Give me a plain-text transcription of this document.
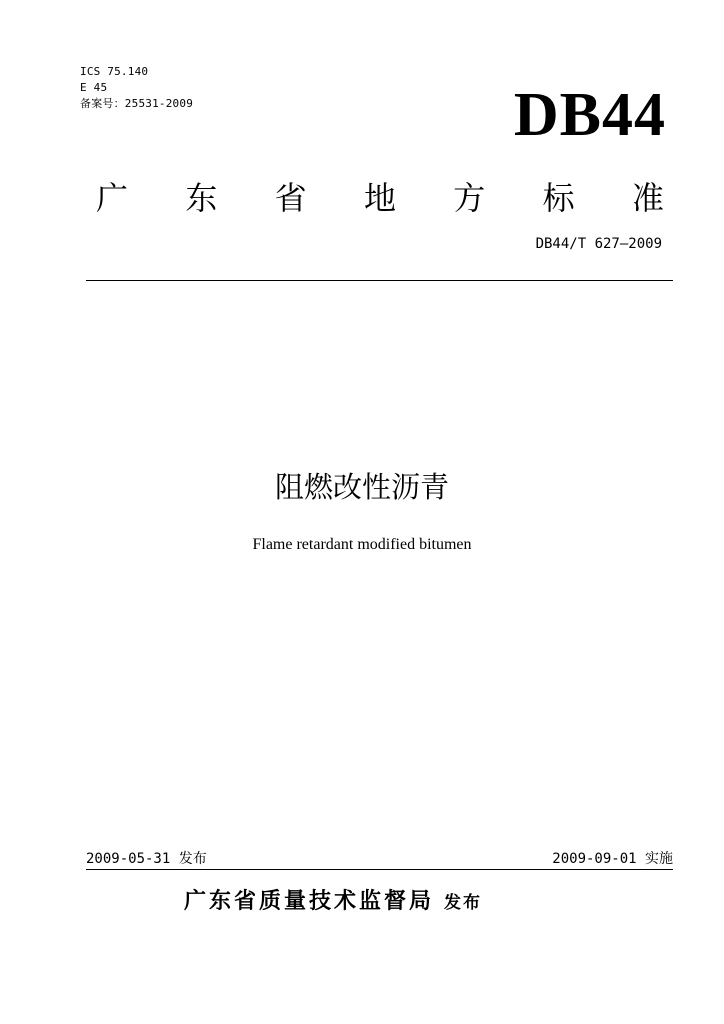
ICS 75.140
E 45
备案号：25531-2009	DB44
广 东 省 地 方 标 准
DB44/T 627—2009
阻燃改性沥青
Flame retardant modified bitumen
2009-05-31 发布	2009-09-01 实施
广东省质量技术监督局 发布
